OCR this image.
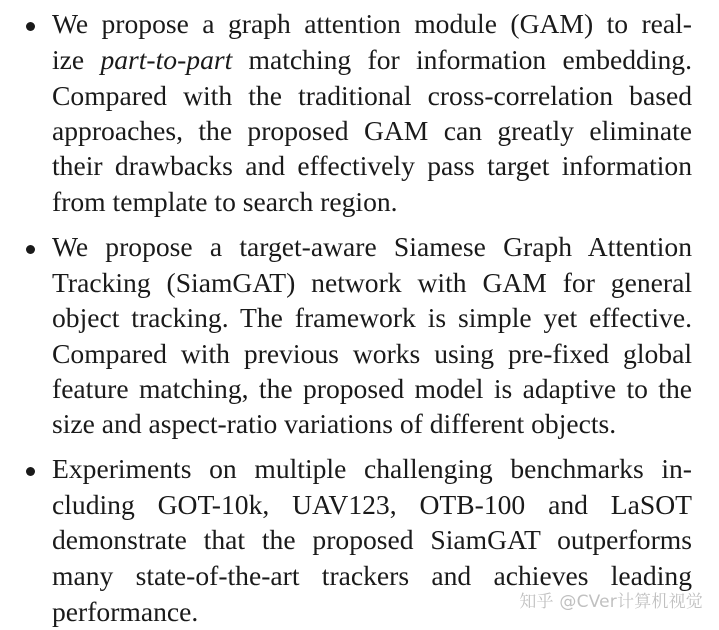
We propose a graph attention module (GAM) to real-
ize part-to-part matching for information embedding.
Compared with the traditional cross-correlation based
approaches, the proposed GAM can greatly eliminate
their drawbacks and effectively pass target information
from template to search region.
We propose a target-aware Siamese Graph Attention
Tracking (SiamGAT) network with GAM for general
object tracking. The framework is simple yet effective.
Compared with previous works using pre-fixed global
feature matching, the proposed model is adaptive to the
size and aspect-ratio variations of different objects.
Experiments on multiple challenging benchmarks in-
cluding GOT-10k, UAV123, OTB-100 and LaSOT
demonstrate that the proposed SiamGAT outperforms
many state-of-the-art trackers and achieves leading
performance.	知乎 @CVer计算机视觉
